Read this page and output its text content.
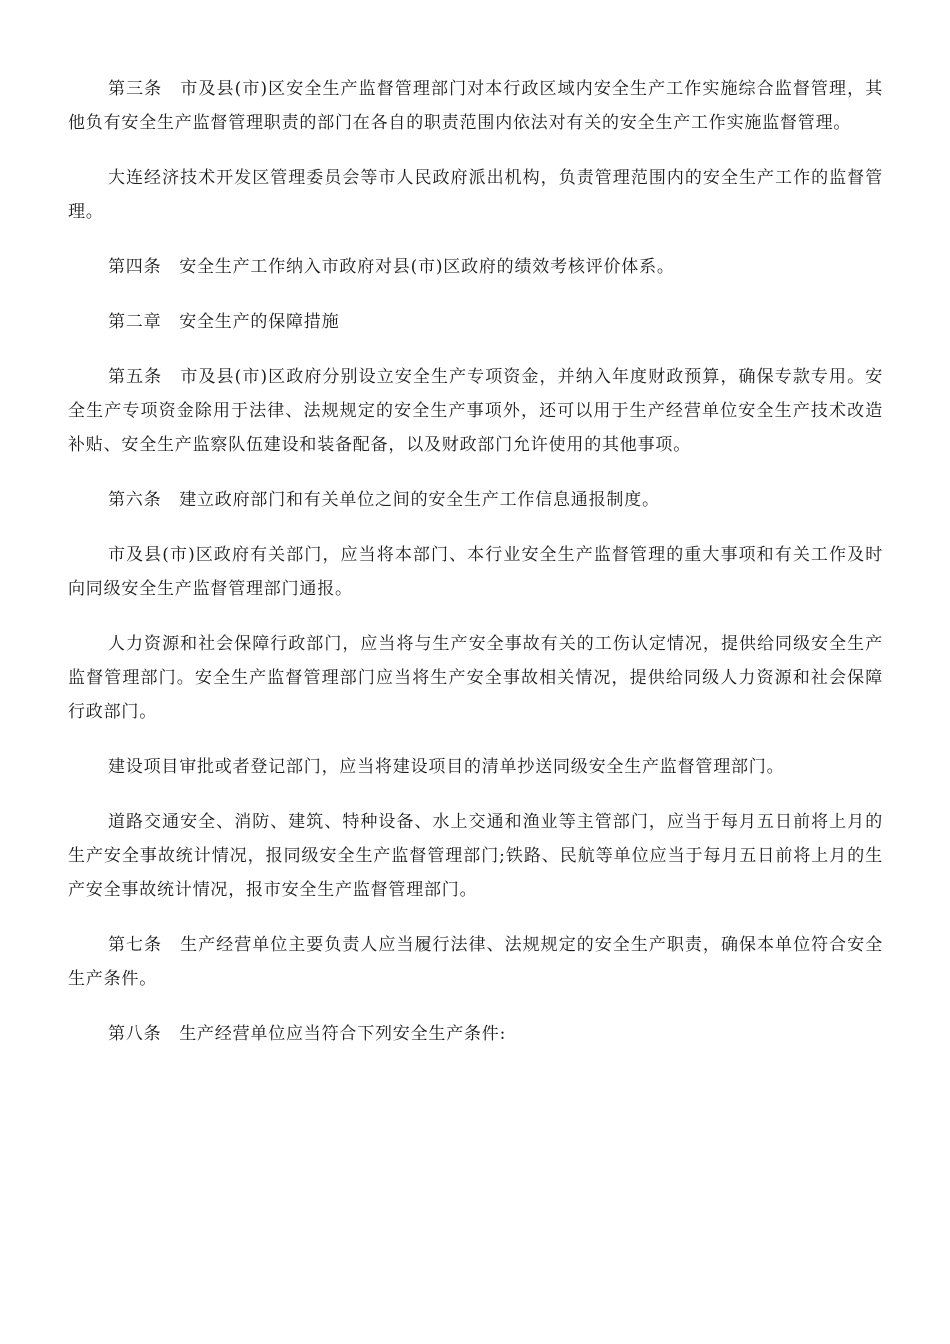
第三条　市及县(市)区安全生产监督管理部门对本行政区域内安全生产工作实施综合监督管理，其他负有安全生产监督管理职责的部门在各自的职责范围内依法对有关的安全生产工作实施监督管理。

大连经济技术开发区管理委员会等市人民政府派出机构，负责管理范围内的安全生产工作的监督管理。

第四条　安全生产工作纳入市政府对县(市)区政府的绩效考核评价体系。

第二章　安全生产的保障措施

第五条　市及县(市)区政府分别设立安全生产专项资金，并纳入年度财政预算，确保专款专用。安全生产专项资金除用于法律、法规规定的安全生产事项外，还可以用于生产经营单位安全生产技术改造补贴、安全生产监察队伍建设和装备配备，以及财政部门允许使用的其他事项。

第六条　建立政府部门和有关单位之间的安全生产工作信息通报制度。

市及县(市)区政府有关部门，应当将本部门、本行业安全生产监督管理的重大事项和有关工作及时向同级安全生产监督管理部门通报。

人力资源和社会保障行政部门，应当将与生产安全事故有关的工伤认定情况，提供给同级安全生产监督管理部门。安全生产监督管理部门应当将生产安全事故相关情况，提供给同级人力资源和社会保障行政部门。

建设项目审批或者登记部门，应当将建设项目的清单抄送同级安全生产监督管理部门。

道路交通安全、消防、建筑、特种设备、水上交通和渔业等主管部门，应当于每月五日前将上月的生产安全事故统计情况，报同级安全生产监督管理部门;铁路、民航等单位应当于每月五日前将上月的生产安全事故统计情况，报市安全生产监督管理部门。

第七条　生产经营单位主要负责人应当履行法律、法规规定的安全生产职责，确保本单位符合安全生产条件。

第八条　生产经营单位应当符合下列安全生产条件:
